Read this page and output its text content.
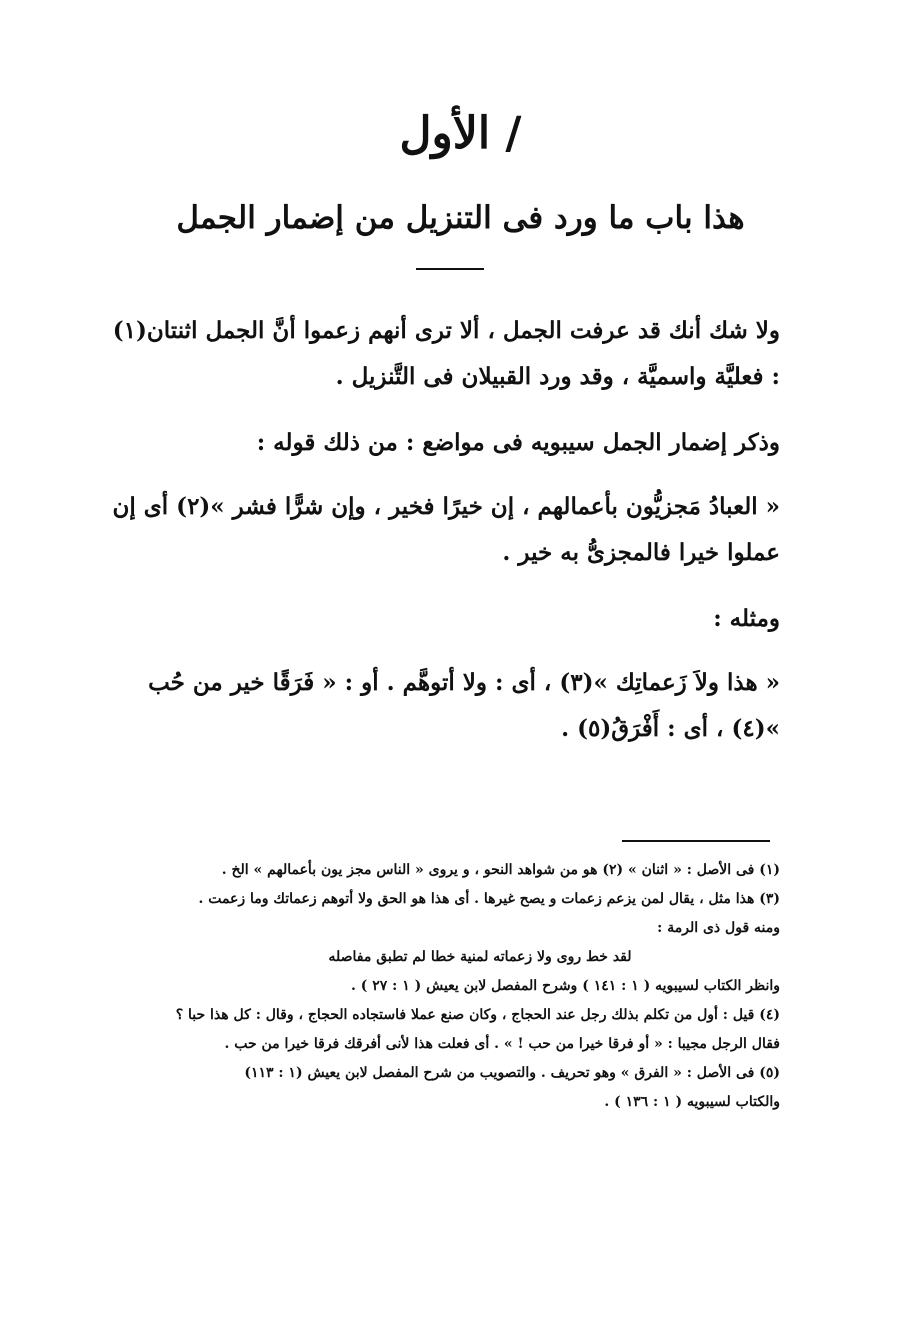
الأول /
هذا باب ما ورد فى التنزيل من إضمار الجمل

ولا شك أنك قد عرفت الجمل ، ألا ترى أنهم زعموا أنَّ الجمل اثنتان(١) : فعليَّة واسميَّة ، وقد ورد القبيلان فى التَّنزيل .

وذكر إضمار الجمل سيبويه فى مواضع : من ذلك قوله :

« العبادُ مَجزيُّون بأعمالهم ، إن خيرًا فخير ، وإن شرًّا فشر »(٢) أى إن عملوا خيرا فالمجزىُّ به خير .

ومثله :

« هذا ولاَ زَعماتِك »(٣) ، أى : ولا أتوهَّم . أو : « فَرَقًا خير من حُب »(٤) ، أى : أَفْرَقُ(٥) .

(١) فى الأصل : « اثنان » (٢) هو من شواهد النحو ، و يروى « الناس مجز يون بأعمالهم » الخ .

(٣) هذا مثل ، يقال لمن يزعم زعمات و يصح غيرها . أى هذا هو الحق ولا أتوهم زعماتك وما زعمت .

ومنه قول ذى الرمة :

لقد خط روى ولا زعماته لمنية خطا لم تطبق مفاصله

وانظر الكتاب لسيبويه ( ١ : ١٤١ ) وشرح المفصل لابن يعيش ( ١ : ٢٧ ) .

(٤) قيل : أول من تكلم بذلك رجل عند الحجاج ، وكان صنع عملا فاستجاده الحجاج ، وقال : كل هذا حبا ؟

فقال الرجل مجيبا : « أو فرقا خيرا من حب ! » . أى فعلت هذا لأنى أفرقك فرقا خيرا من حب .

(٥) فى الأصل : « الفرق » وهو تحريف . والتصويب من شرح المفصل لابن يعيش (١ : ١١٣)

والكتاب لسيبويه ( ١ : ١٣٦ ) .
